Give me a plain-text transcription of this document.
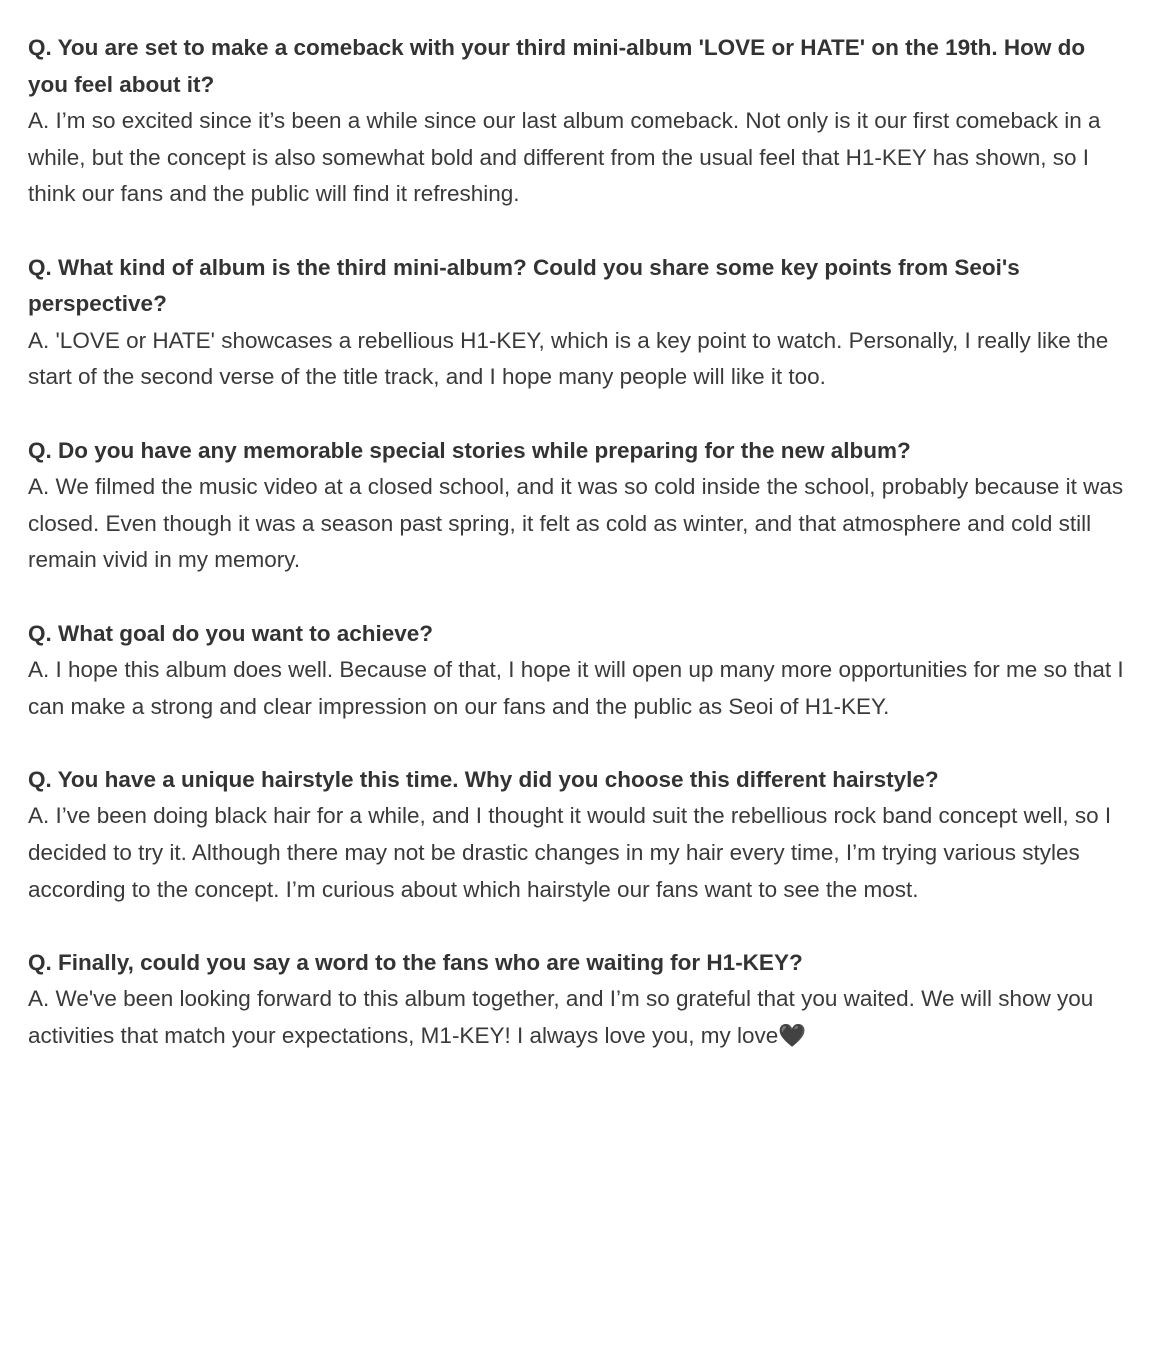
Q. You are set to make a comeback with your third mini-album 'LOVE or HATE' on the 19th. How do you feel about it?

A. I’m so excited since it’s been a while since our last album comeback. Not only is it our first comeback in a while, but the concept is also somewhat bold and different from the usual feel that H1-KEY has shown, so I think our fans and the public will find it refreshing.

Q. What kind of album is the third mini-album? Could you share some key points from Seoi's perspective?

A. 'LOVE or HATE' showcases a rebellious H1-KEY, which is a key point to watch. Personally, I really like the start of the second verse of the title track, and I hope many people will like it too.

Q. Do you have any memorable special stories while preparing for the new album?

A. We filmed the music video at a closed school, and it was so cold inside the school, probably because it was closed. Even though it was a season past spring, it felt as cold as winter, and that atmosphere and cold still remain vivid in my memory.

Q. What goal do you want to achieve?

A. I hope this album does well. Because of that, I hope it will open up many more opportunities for me so that I can make a strong and clear impression on our fans and the public as Seoi of H1-KEY.

Q. You have a unique hairstyle this time. Why did you choose this different hairstyle?

A. I’ve been doing black hair for a while, and I thought it would suit the rebellious rock band concept well, so I decided to try it. Although there may not be drastic changes in my hair every time, I’m trying various styles according to the concept. I’m curious about which hairstyle our fans want to see the most.

Q. Finally, could you say a word to the fans who are waiting for H1-KEY?

A. We've been looking forward to this album together, and I’m so grateful that you waited. We will show you activities that match your expectations, M1-KEY! I always love you, my love🖤
